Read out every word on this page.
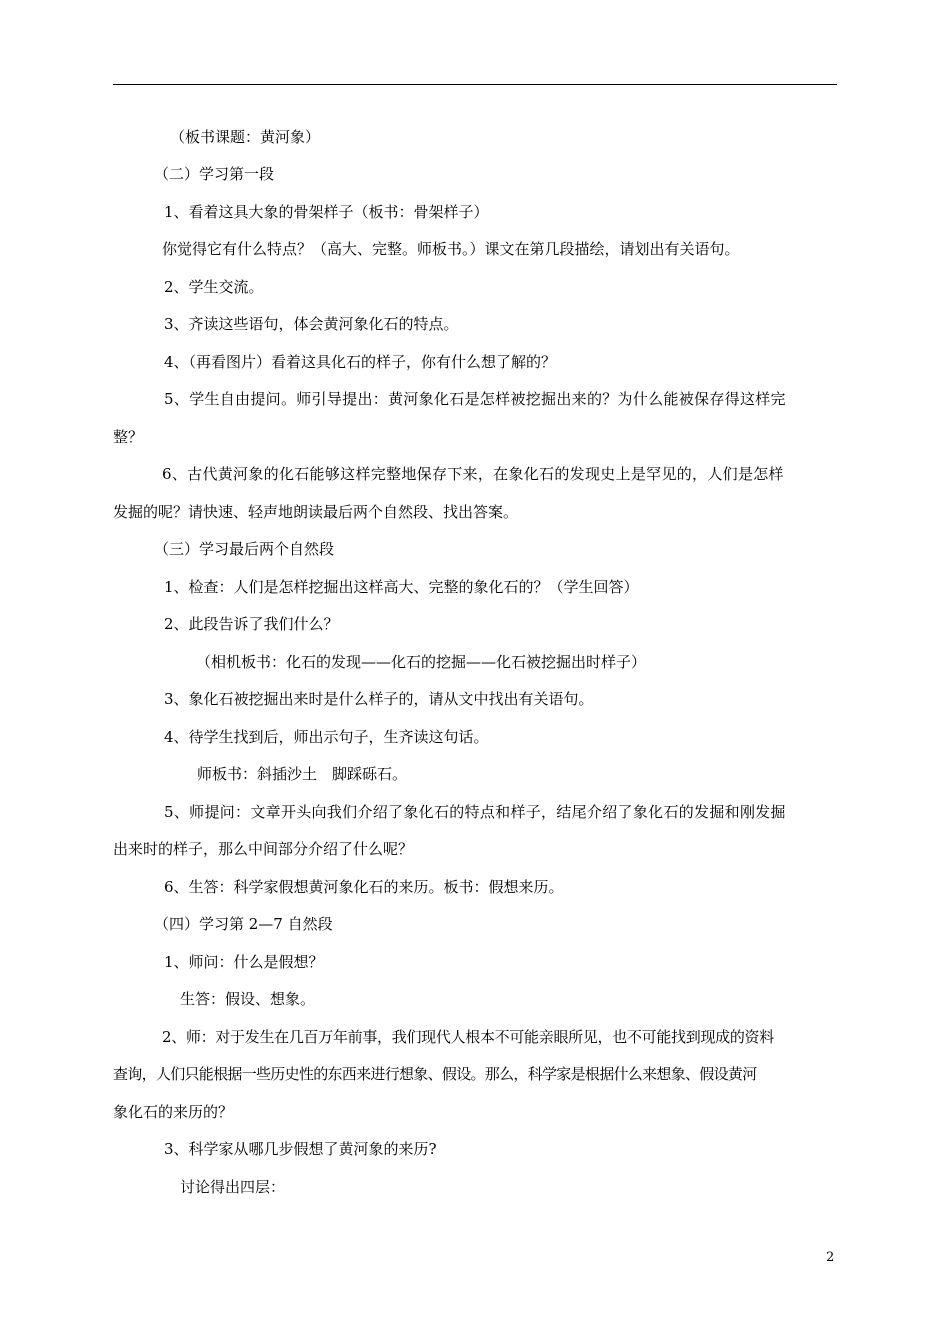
（板书课题：黄河象）
（二）学习第一段
1、看着这具大象的骨架样子（板书：骨架样子）
你觉得它有什么特点？（高大、完整。师板书。）课文在第几段描绘，请划出有关语句。
2、学生交流。
3、齐读这些语句，体会黄河象化石的特点。
4、（再看图片）看着这具化石的样子，你有什么想了解的？
5、学生自由提问。师引导提出：黄河象化石是怎样被挖掘出来的？为什么能被保存得这样完
整？
6、古代黄河象的化石能够这样完整地保存下来，在象化石的发现史上是罕见的，人们是怎样
发掘的呢？请快速、轻声地朗读最后两个自然段、找出答案。
（三）学习最后两个自然段
1、检查：人们是怎样挖掘出这样高大、完整的象化石的？（学生回答）
2、此段告诉了我们什么？
（相机板书：化石的发现——化石的挖掘——化石被挖掘出时样子）
3、象化石被挖掘出来时是什么样子的，请从文中找出有关语句。
4、待学生找到后，师出示句子，生齐读这句话。
师板书：斜插沙土　脚踩砾石。
5、师提问：文章开头向我们介绍了象化石的特点和样子，结尾介绍了象化石的发掘和刚发掘
出来时的样子，那么中间部分介绍了什么呢？
6、生答：科学家假想黄河象化石的来历。板书：假想来历。
（四）学习第 2—7 自然段
1、师问：什么是假想？
生答：假设、想象。
2、师：对于发生在几百万年前事，我们现代人根本不可能亲眼所见，也不可能找到现成的资料
查询，人们只能根据一些历史性的东西来进行想象、假设。那么，科学家是根据什么来想象、假设黄河
象化石的来历的？
3、科学家从哪几步假想了黄河象的来历?
讨论得出四层：
2
